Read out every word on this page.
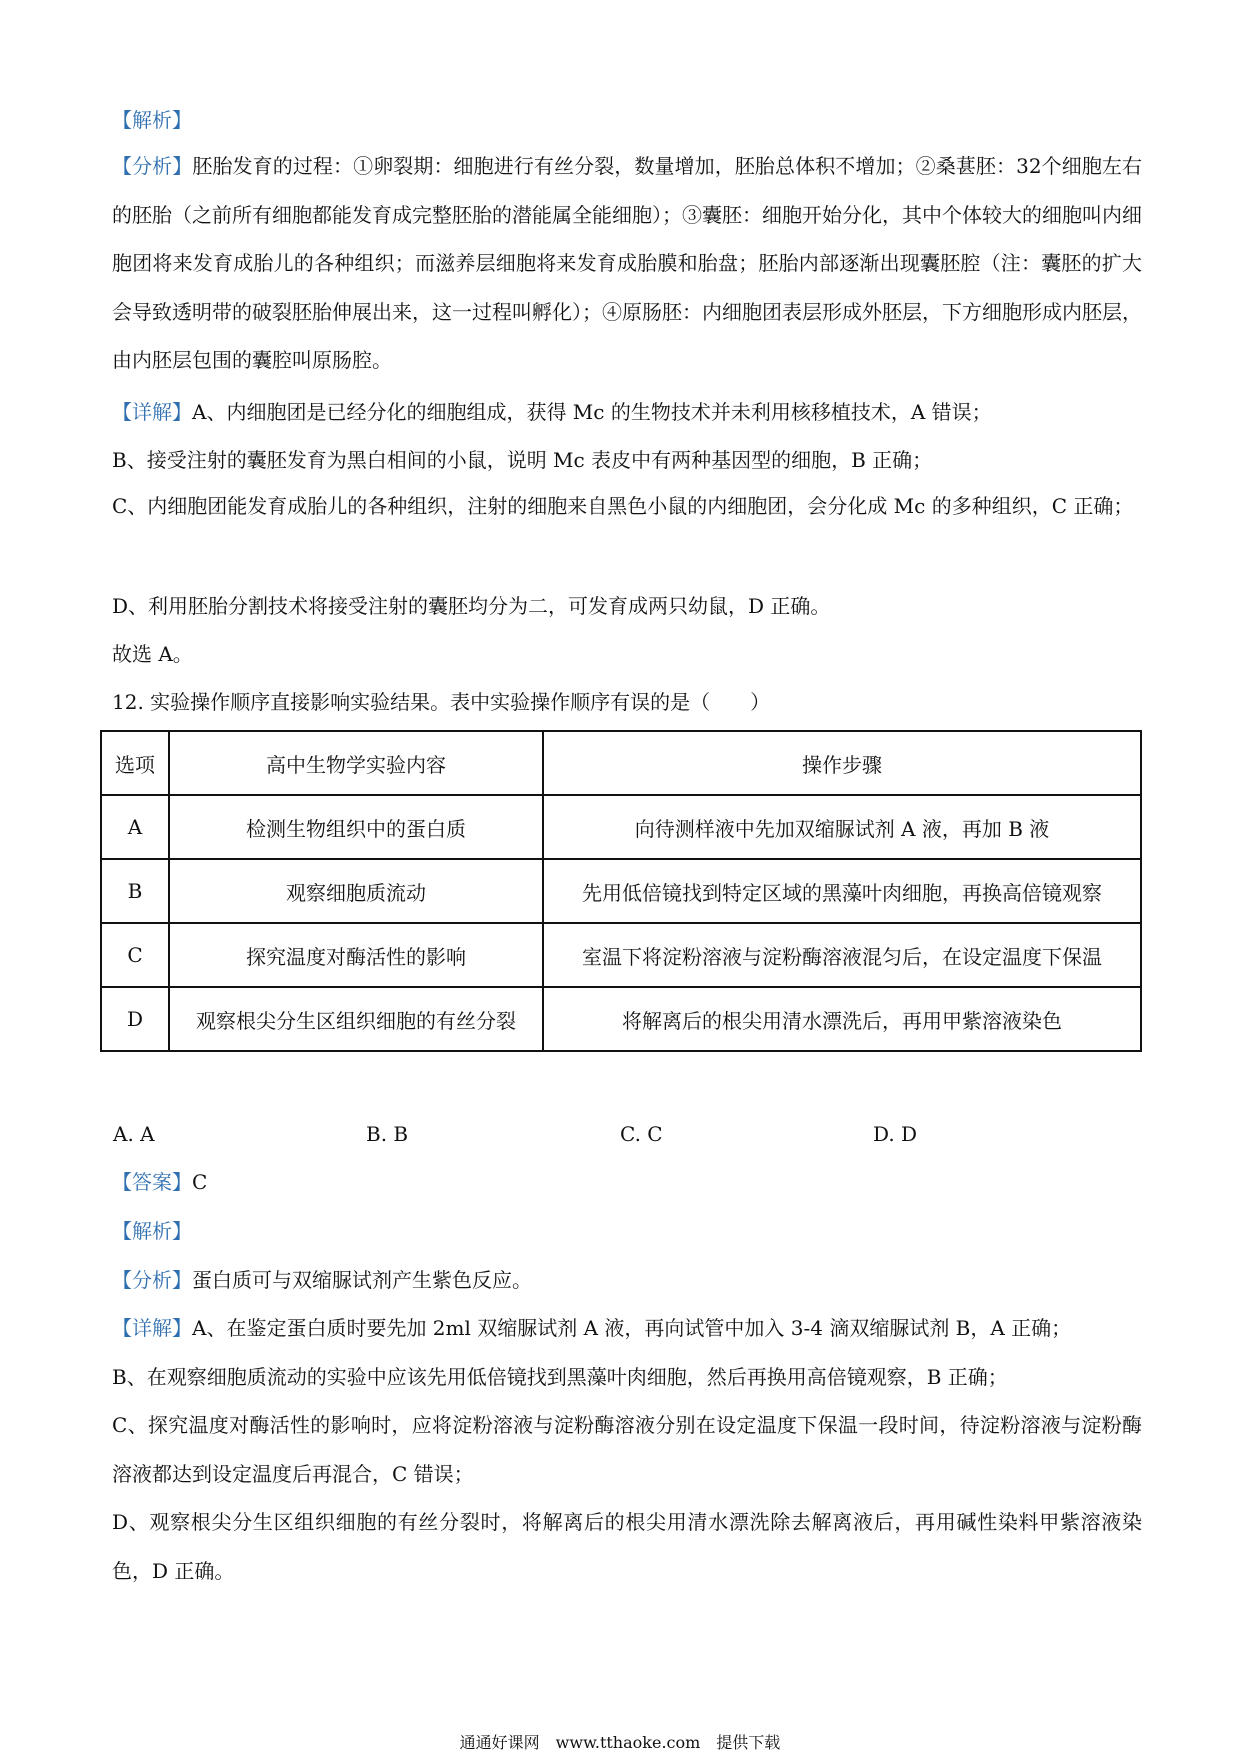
【解析】

【分析】胚胎发育的过程：①卵裂期：细胞进行有丝分裂，数量增加，胚胎总体积不增加；②桑葚胚：32个细胞左右的胚胎（之前所有细胞都能发育成完整胚胎的潜能属全能细胞）；③囊胚：细胞开始分化，其中个体较大的细胞叫内细胞团将来发育成胎儿的各种组织；而滋养层细胞将来发育成胎膜和胎盘；胚胎内部逐渐出现囊胚腔（注：囊胚的扩大会导致透明带的破裂胚胎伸展出来，这一过程叫孵化）；④原肠胚：内细胞团表层形成外胚层，下方细胞形成内胚层，由内胚层包围的囊腔叫原肠腔。

【详解】A、内细胞团是已经分化的细胞组成，获得 Mc 的生物技术并未利用核移植技术，A 错误；
B、接受注射的囊胚发育为黑白相间的小鼠，说明 Mc 表皮中有两种基因型的细胞，B 正确；

C、内细胞团能发育成胎儿的各种组织，注射的细胞来自黑色小鼠的内细胞团，会分化成 Mc 的多种组织，C 正确；

D、利用胚胎分割技术将接受注射的囊胚均分为二，可发育成两只幼鼠，D 正确。
故选 A。
12. 实验操作顺序直接影响实验结果。表中实验操作顺序有误的是（　　）
选项	高中生物学实验内容	操作步骤
A	检测生物组织中的蛋白质	向待测样液中先加双缩脲试剂 A 液，再加 B 液
B	观察细胞质流动	先用低倍镜找到特定区域的黑藻叶肉细胞，再换高倍镜观察
C	探究温度对酶活性的影响	室温下将淀粉溶液与淀粉酶溶液混匀后，在设定温度下保温
D	观察根尖分生区组织细胞的有丝分裂	将解离后的根尖用清水漂洗后，再用甲紫溶液染色
A. A	B. B	C. C	D. D
【答案】C
【解析】
【分析】蛋白质可与双缩脲试剂产生紫色反应。
【详解】A、在鉴定蛋白质时要先加 2ml 双缩脲试剂 A 液，再向试管中加入 3-4 滴双缩脲试剂 B，A 正确；
B、在观察细胞质流动的实验中应该先用低倍镜找到黑藻叶肉细胞，然后再换用高倍镜观察，B 正确；

C、探究温度对酶活性的影响时，应将淀粉溶液与淀粉酶溶液分别在设定温度下保温一段时间，待淀粉溶液与淀粉酶溶液都达到设定温度后再混合，C 错误；

D、观察根尖分生区组织细胞的有丝分裂时，将解离后的根尖用清水漂洗除去解离液后，再用碱性染料甲紫溶液染色，D 正确。

通通好课网　www.tthaoke.com　提供下载
